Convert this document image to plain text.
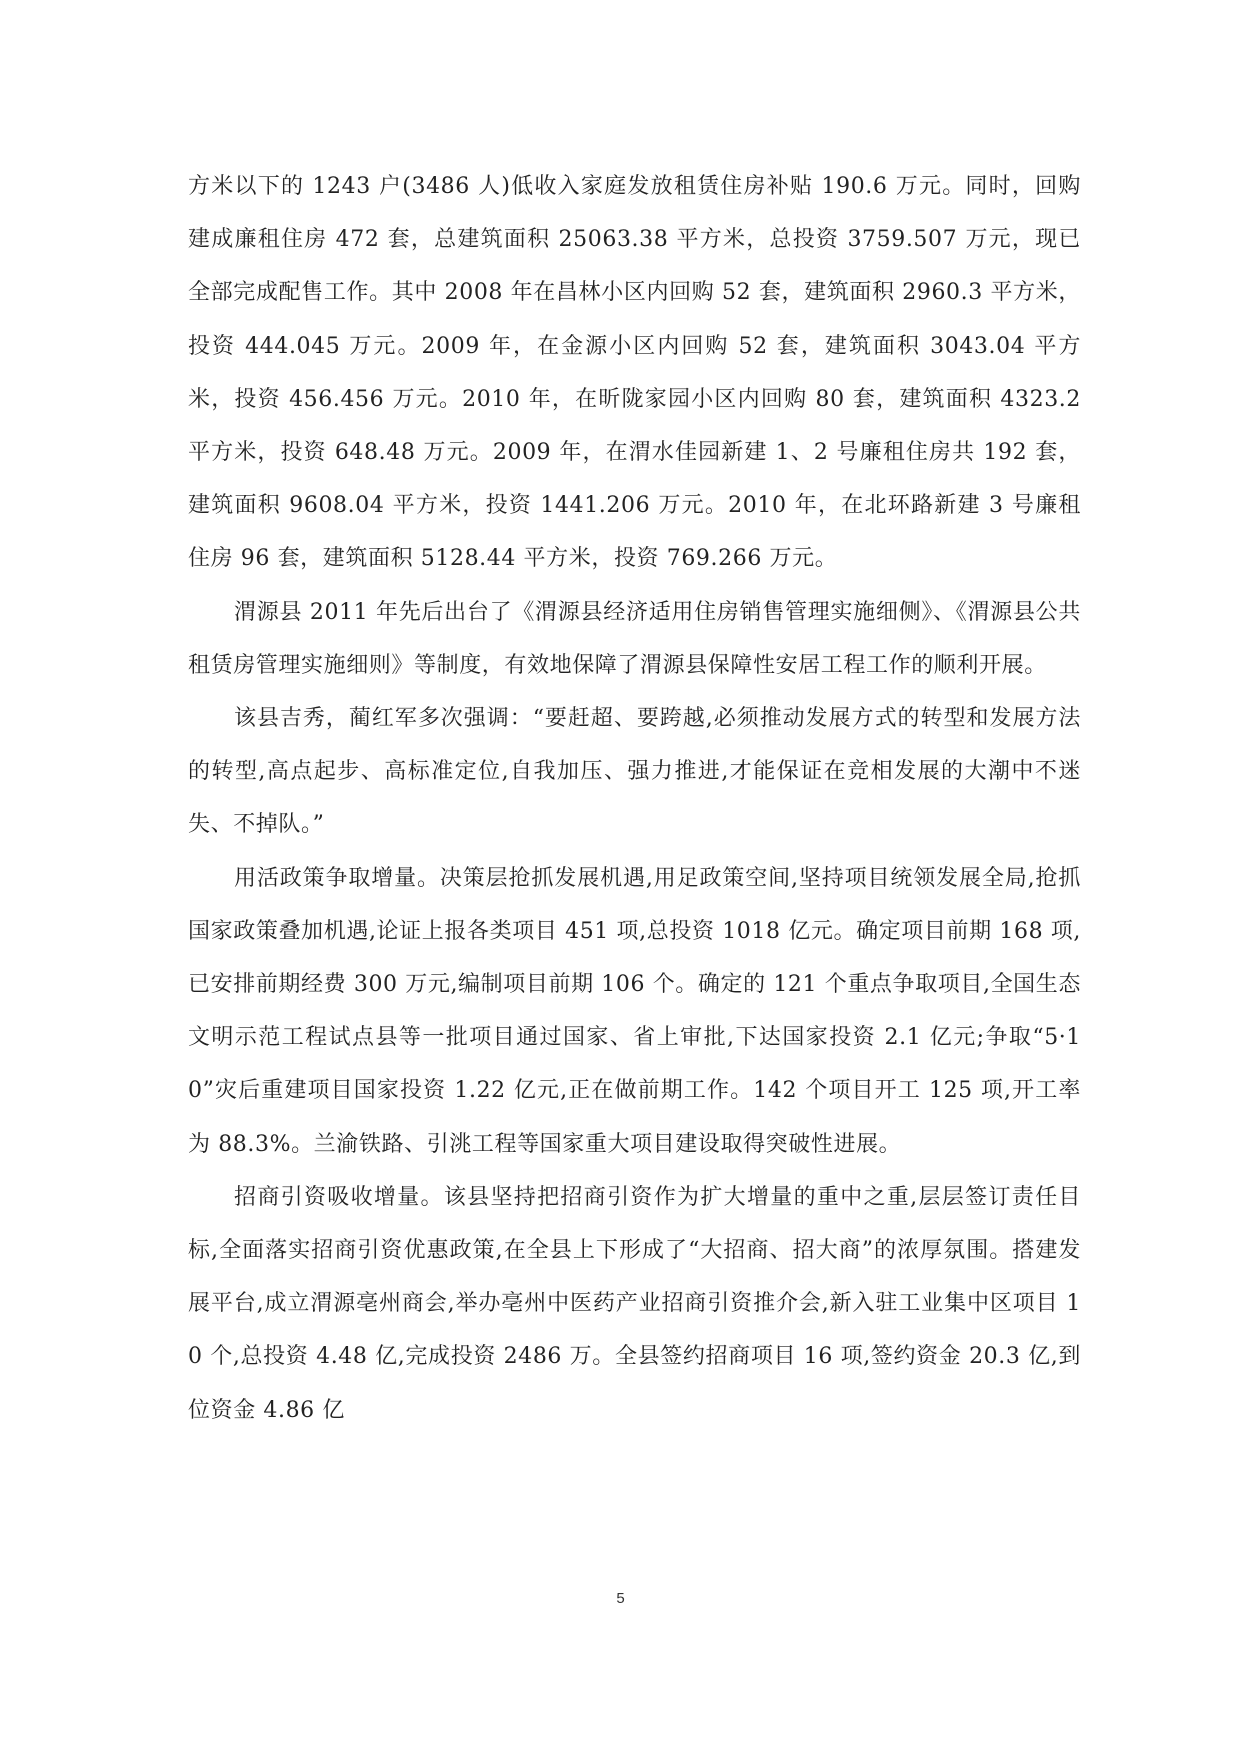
方米以下的 1243 户(3486 人)低收入家庭发放租赁住房补贴 190.6 万元。同时，回购建成廉租住房 472 套，总建筑面积 25063.38 平方米，总投资 3759.507 万元，现已全部完成配售工作。其中 2008 年在昌林小区内回购 52 套，建筑面积 2960.3 平方米，投资 444.045 万元。2009 年，在金源小区内回购 52 套，建筑面积 3043.04 平方米，投资 456.456 万元。2010 年，在昕陇家园小区内回购 80 套，建筑面积 4323.2 平方米，投资 648.48 万元。2009 年，在渭水佳园新建 1、2 号廉租住房共 192 套，建筑面积 9608.04 平方米，投资 1441.206 万元。2010 年，在北环路新建 3 号廉租住房 96 套，建筑面积 5128.44 平方米，投资 769.266 万元。

渭源县 2011 年先后出台了《渭源县经济适用住房销售管理实施细侧》、《渭源县公共租赁房管理实施细则》等制度，有效地保障了渭源县保障性安居工程工作的顺利开展。

该县吉秀，蔺红军多次强调：“要赶超、要跨越,必须推动发展方式的转型和发展方法的转型,高点起步、高标准定位,自我加压、强力推进,才能保证在竞相发展的大潮中不迷失、不掉队。”

用活政策争取增量。决策层抢抓发展机遇,用足政策空间,坚持项目统领发展全局,抢抓国家政策叠加机遇,论证上报各类项目 451 项,总投资 1018 亿元。确定项目前期 168 项,已安排前期经费 300 万元,编制项目前期 106 个。确定的 121 个重点争取项目,全国生态文明示范工程试点县等一批项目通过国家、省上审批,下达国家投资 2.1 亿元;争取“5·10”灾后重建项目国家投资 1.22 亿元,正在做前期工作。142 个项目开工 125 项,开工率为 88.3%。兰渝铁路、引洮工程等国家重大项目建设取得突破性进展。

招商引资吸收增量。该县坚持把招商引资作为扩大增量的重中之重,层层签订责任目标,全面落实招商引资优惠政策,在全县上下形成了“大招商、招大商”的浓厚氛围。搭建发展平台,成立渭源亳州商会,举办亳州中医药产业招商引资推介会,新入驻工业集中区项目 10 个,总投资 4.48 亿,完成投资 2486 万。全县签约招商项目 16 项,签约资金 20.3 亿,到位资金 4.86 亿

5
